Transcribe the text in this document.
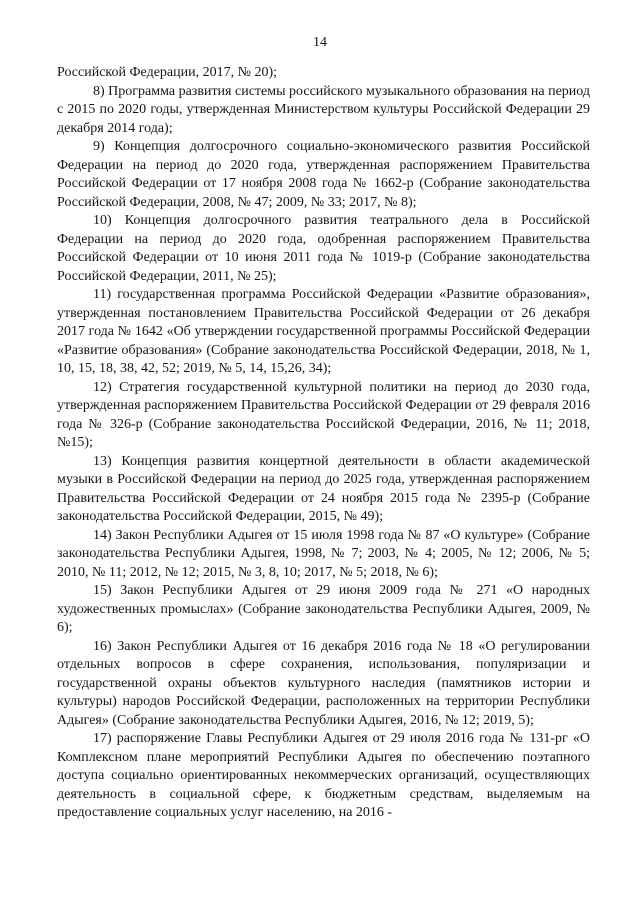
14

Российской Федерации, 2017, № 20);

8) Программа развития системы российского музыкального образования на период с 2015 по 2020 годы, утвержденная Министерством культуры Российской Федерации 29 декабря 2014 года);

9) Концепция долгосрочного социально-экономического развития Российской Федерации на период до 2020 года, утвержденная распоряжением Правительства Российской Федерации от 17 ноября 2008 года № 1662-р (Собрание законодательства Российской Федерации, 2008, № 47; 2009, № 33; 2017, № 8);

10) Концепция долгосрочного развития театрального дела в Российской Федерации на период до 2020 года, одобренная распоряжением Правительства Российской Федерации от 10 июня 2011 года № 1019-р (Собрание законодательства Российской Федерации, 2011, № 25);

11) государственная программа Российской Федерации «Развитие образования», утвержденная постановлением Правительства Российской Федерации от 26 декабря 2017 года № 1642 «Об утверждении государственной программы Российской Федерации «Развитие образования» (Собрание законодательства Российской Федерации, 2018, № 1, 10, 15, 18, 38, 42, 52; 2019, № 5, 14, 15,26, 34);

12) Стратегия государственной культурной политики на период до 2030 года, утвержденная распоряжением Правительства Российской Федерации от 29 февраля 2016 года № 326-р (Собрание законодательства Российской Федерации, 2016, № 11; 2018, №15);

13) Концепция развития концертной деятельности в области академической музыки в Российской Федерации на период до 2025 года, утвержденная распоряжением Правительства Российской Федерации от 24 ноября 2015 года № 2395-р (Собрание законодательства Российской Федерации, 2015, № 49);

14) Закон Республики Адыгея от 15 июля 1998 года № 87 «О культуре» (Собрание законодательства Республики Адыгея, 1998, № 7; 2003, № 4; 2005, № 12; 2006, № 5; 2010, № 11; 2012, № 12; 2015, № 3, 8, 10; 2017, № 5; 2018, № 6);

15) Закон Республики Адыгея от 29 июня 2009 года № 271 «О народных художественных промыслах» (Собрание законодательства Республики Адыгея, 2009, № 6);

16) Закон Республики Адыгея от 16 декабря 2016 года № 18 «О регулировании отдельных вопросов в сфере сохранения, использования, популяризации и государственной охраны объектов культурного наследия (памятников истории и культуры) народов Российской Федерации, расположенных на территории Республики Адыгея» (Собрание законодательства Республики Адыгея, 2016, № 12; 2019, 5);

17) распоряжение Главы Республики Адыгея от 29 июля 2016 года № 131-рг «О Комплексном плане мероприятий Республики Адыгея по обеспечению поэтапного доступа социально ориентированных некоммерческих организаций, осуществляющих деятельность в социальной сфере, к бюджетным средствам, выделяемым на предоставление социальных услуг населению, на 2016 -
